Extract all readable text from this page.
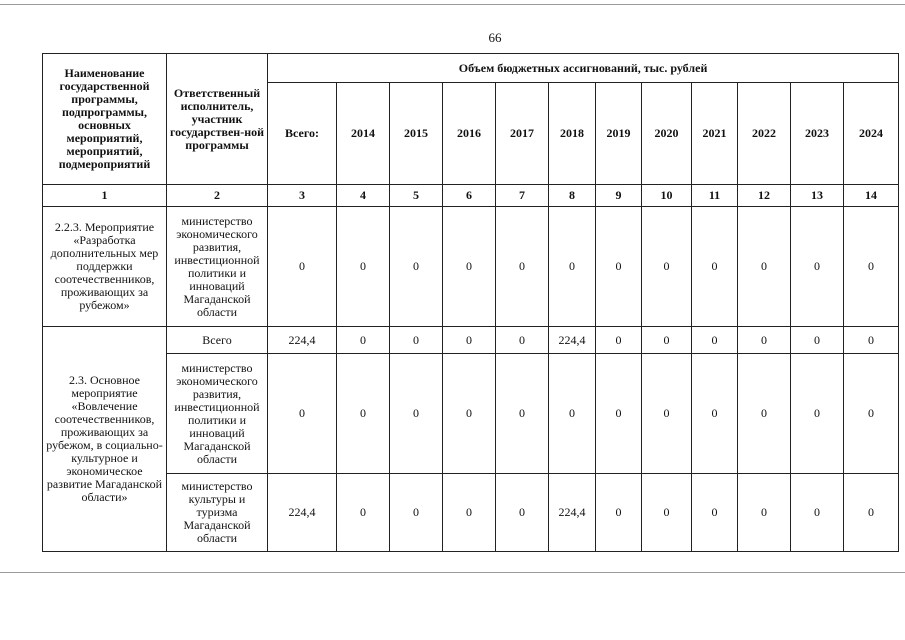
66
Наименование государственной программы, подпрограммы, основных мероприятий, мероприятий, подмероприятий	Ответственный исполнитель, участник государствен-ной программы	Объем бюджетных ассигнований, тыс. рублей											
		Всего:	2014	2015	2016	2017	2018	2019	2020	2021	2022	2023	2024
1	2	3	4	5	6	7	8	9	10	11	12	13	14
2.2.3. Мероприятие «Разработка дополнительных мер поддержки соотечественников, проживающих за рубежом»	министерство экономического развития, инвестиционной политики и инноваций Магаданской области	0	0	0	0	0	0	0	0	0	0	0	0
2.3. Основное мероприятие «Вовлечение соотечественников, проживающих за рубежом, в социально-культурное и экономическое развитие Магаданской области»	Всего	224,4	0	0	0	0	224,4	0	0	0	0	0	0
	министерство экономического развития, инвестиционной политики и инноваций Магаданской области	0	0	0	0	0	0	0	0	0	0	0	0
	министерство культуры и туризма Магаданской области	224,4	0	0	0	0	224,4	0	0	0	0	0	0
